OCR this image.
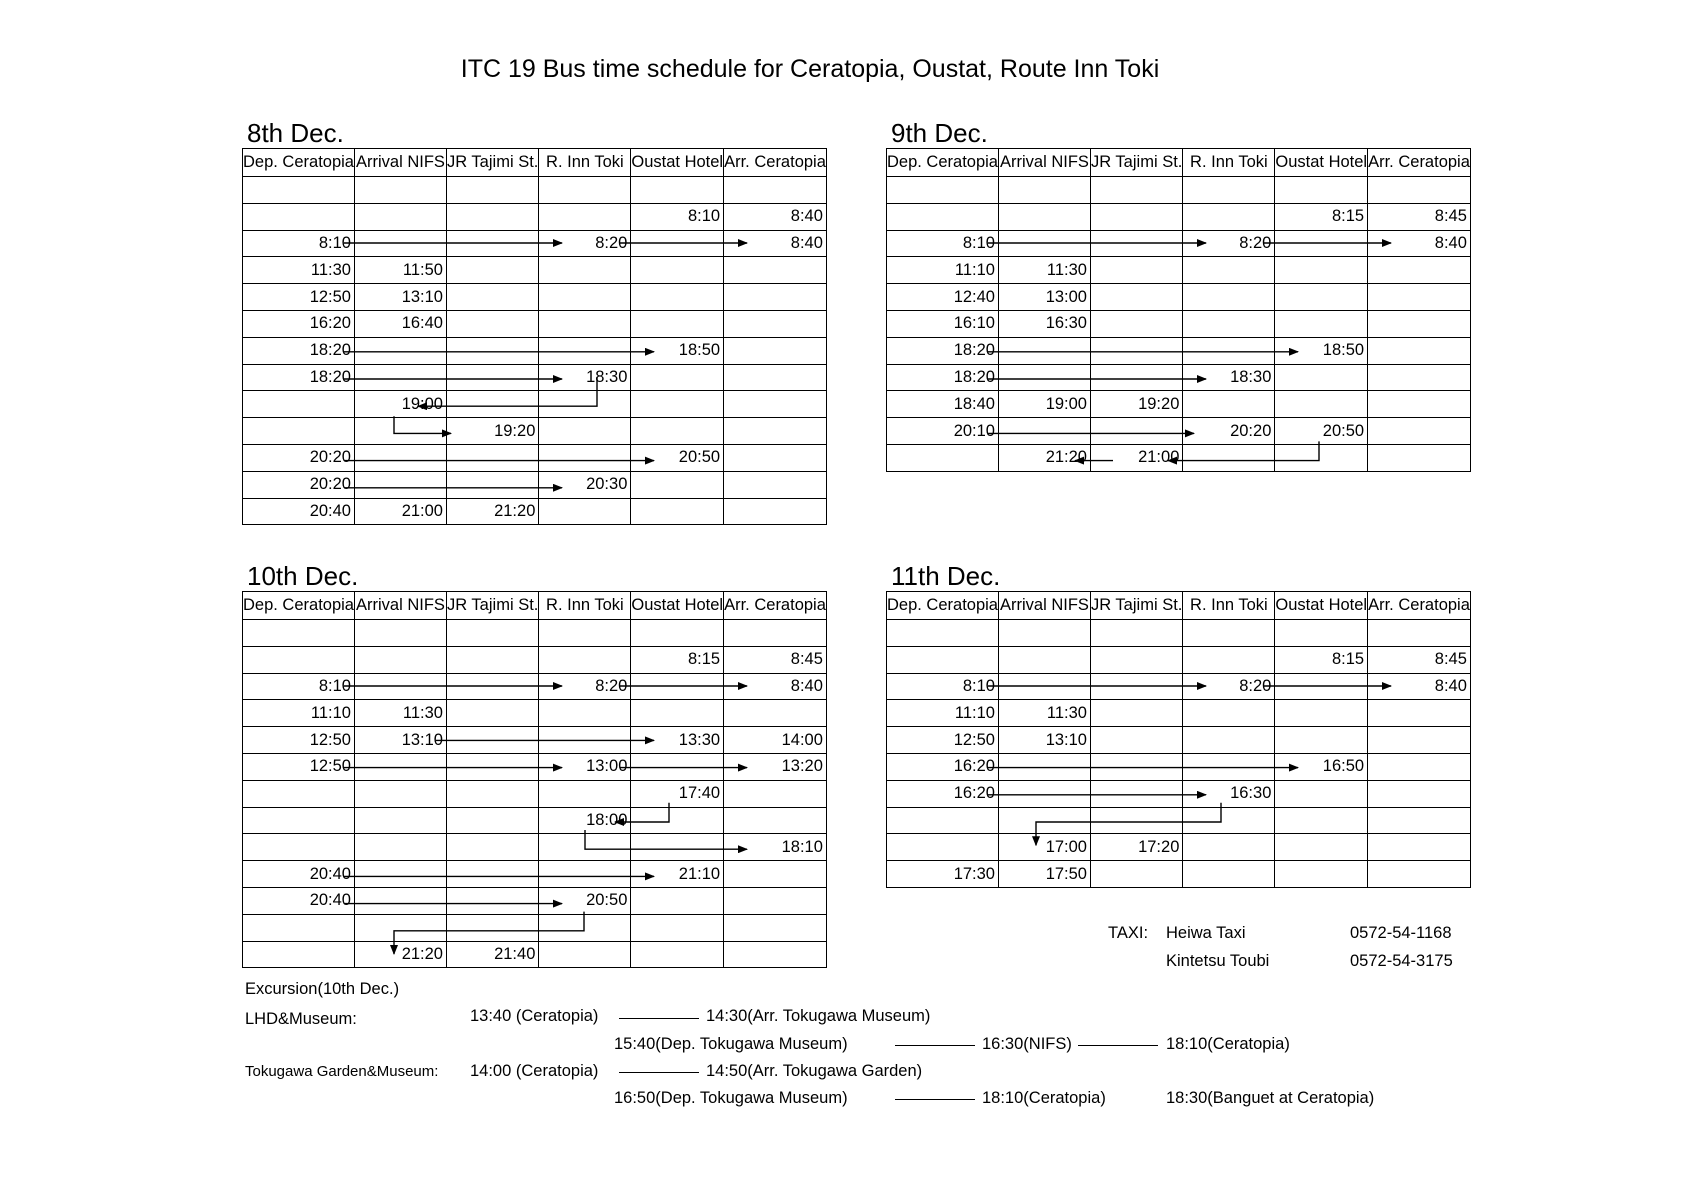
ITC 19 Bus time schedule for Ceratopia, Oustat, Route Inn Toki
8th Dec.
Dep. Ceratopia	Arrival NIFS	JR Tajimi St.	R. Inn Toki	Oustat Hotel	Arr. Ceratopia

				8:10	8:40
8:10			8:20		8:40
11:30	11:50				
12:50	13:10				
16:20	16:40				
18:20				18:50	
18:20			18:30		
	19:00				
		19:20			
20:20				20:50	
20:20			20:30		
20:40	21:00	21:20			
9th Dec.
Dep. Ceratopia	Arrival NIFS	JR Tajimi St.	R. Inn Toki	Oustat Hotel	Arr. Ceratopia

				8:15	8:45
8:10			8:20		8:40
11:10	11:30				
12:40	13:00				
16:10	16:30				
18:20				18:50	
18:20			18:30		
18:40	19:00	19:20			
20:10			20:20	20:50	
	21:20	21:00			
10th Dec.
Dep. Ceratopia	Arrival NIFS	JR Tajimi St.	R. Inn Toki	Oustat Hotel	Arr. Ceratopia

				8:15	8:45
8:10			8:20		8:40
11:10	11:30				
12:50	13:10			13:30	14:00
12:50			13:00		13:20
				17:40	
			18:00		
					18:10
20:40				21:10	
20:40			20:50		

	21:20	21:40			
11th Dec.
Dep. Ceratopia	Arrival NIFS	JR Tajimi St.	R. Inn Toki	Oustat Hotel	Arr. Ceratopia

				8:15	8:45
8:10			8:20		8:40
11:10	11:30				
12:50	13:10				
16:20				16:50	
16:20			16:30		

	17:00	17:20			
17:30	17:50				
TAXI: Heiwa Taxi	0572-54-1168
Kintetsu Toubi	0572-54-3175
Excursion(10th Dec.)
LHD&Museum:	13:40 (Ceratopia)	14:30(Arr. Tokugawa Museum)
15:40(Dep. Tokugawa Museum)	16:30(NIFS)	18:10(Ceratopia)
Tokugawa Garden&Museum: 14:00 (Ceratopia)	14:50(Arr. Tokugawa Garden)
16:50(Dep. Tokugawa Museum)	18:10(Ceratopia)	18:30(Banguet at Ceratopia)
